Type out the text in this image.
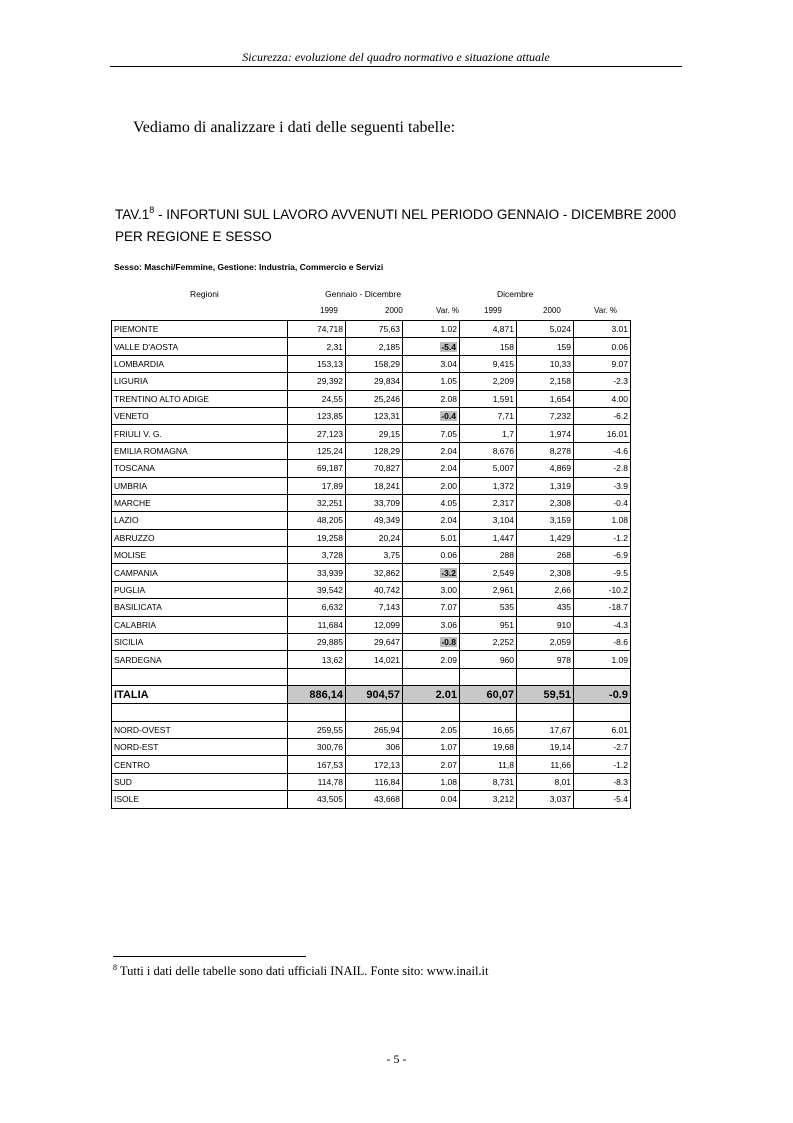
Sicurezza: evoluzione del quadro normativo e situazione attuale
Vediamo di analizzare i dati delle seguenti tabelle:
$TAV.1^8$ - INFORTUNI SUL LAVORO AVVENUTI NEL PERIODO GENNAIO - DICEMBRE 2000
PER REGIONE E SESSO
Sesso: Maschi/Femmine, Gestione: Industria, Commercio e Servizi
Regioni	Gennaio - Dicembre	Dicembre
1999	2000	Var. %	1999	2000	Var. %
PIEMONTE	74,718	75,63	1.02	4,871	5,024	3.01
VALLE D'AOSTA	2,31	2,185	-5.4	158	159	0.06
LOMBARDIA	153,13	158,29	3.04	9,415	10,33	9.07
LIGURIA	29,392	29,834	1.05	2,209	2,158	-2.3
TRENTINO ALTO ADIGE	24,55	25,246	2.08	1,591	1,654	4.00
VENETO	123,85	123,31	-0.4	7,71	7,232	-6.2
FRIULI V. G.	27,123	29,15	7.05	1,7	1,974	16.01
EMILIA ROMAGNA	125,24	128,29	2.04	8,676	8,278	-4.6
TOSCANA	69,187	70,827	2.04	5,007	4,869	-2.8
UMBRIA	17,89	18,241	2.00	1,372	1,319	-3.9
MARCHE	32,251	33,709	4.05	2,317	2,308	-0.4
LAZIO	48,205	49,349	2.04	3,104	3,159	1.08
ABRUZZO	19,258	20,24	5.01	1,447	1,429	-1.2
MOLISE	3,728	3,75	0.06	288	268	-6.9
CAMPANIA	33,939	32,862	-3.2	2,549	2,308	-9.5
PUGLIA	39,542	40,742	3.00	2,961	2,66	-10.2
BASILICATA	6,632	7,143	7.07	535	435	-18.7
CALABRIA	11,684	12,099	3.06	951	910	-4.3
SICILIA	29,885	29,647	-0.8	2,252	2,059	-8.6
SARDEGNA	13,62	14,021	2.09	960	978	1.09

ITALIA	886,14	904,57	2.01	60,07	59,51	-0.9

NORD-OVEST	259,55	265,94	2.05	16,65	17,67	6.01
NORD-EST	300,76	306	1.07	19,68	19,14	-2.7
CENTRO	167,53	172,13	2.07	11,8	11,66	-1.2
SUD	114,78	116,84	1.08	8,731	8,01	-8.3
ISOLE	43,505	43,668	0.04	3,212	3,037	-5.4
$^8$ Tutti i dati delle tabelle sono dati ufficiali INAIL. Fonte sito: www.inail.it
- 5 -
